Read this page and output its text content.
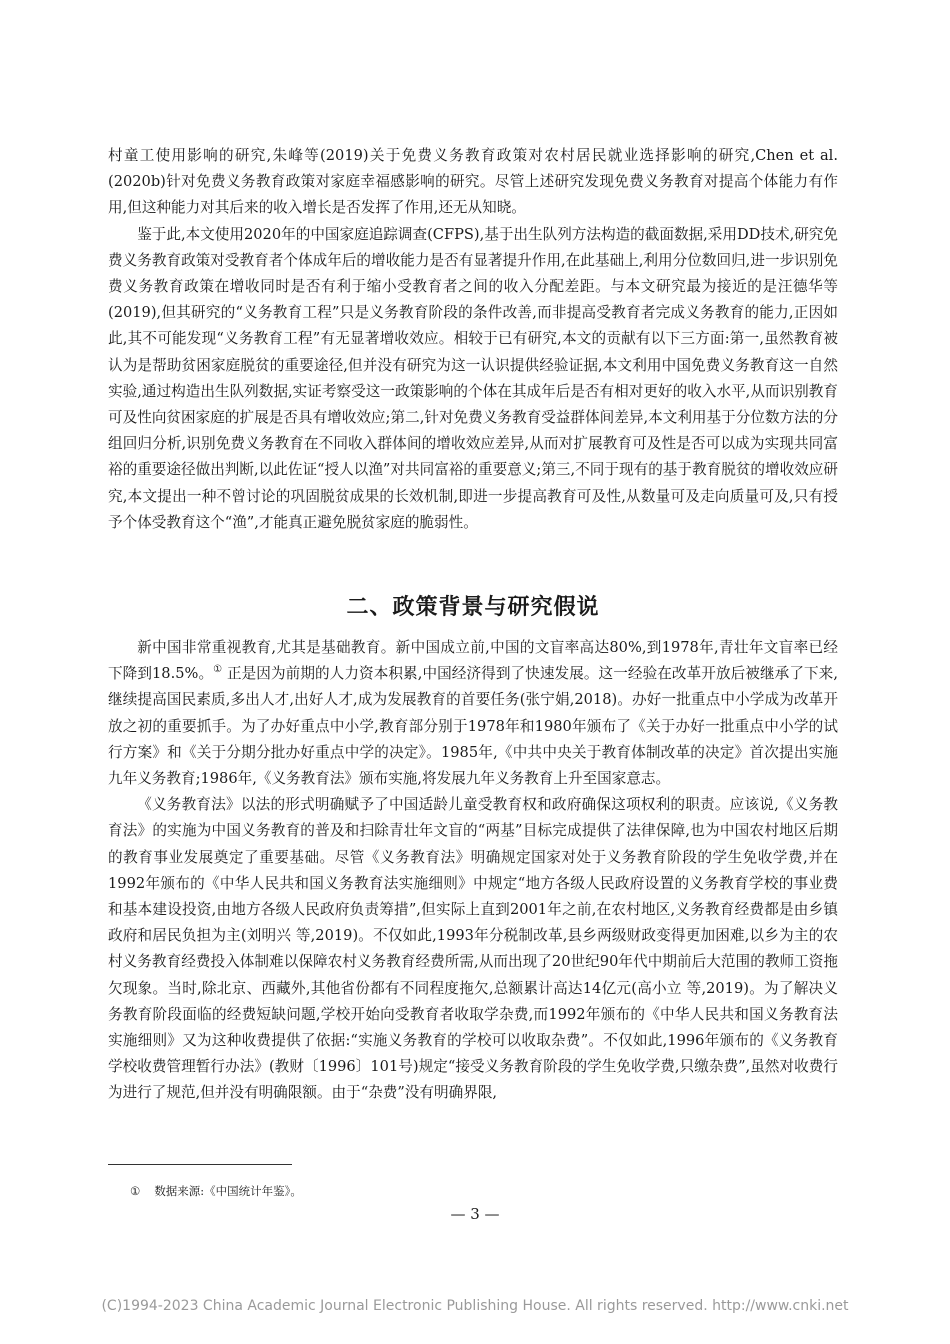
村童工使用影响的研究,朱峰等(2019)关于免费义务教育政策对农村居民就业选择影响的研究,Chen et al.(2020b)针对免费义务教育政策对家庭幸福感影响的研究。尽管上述研究发现免费义务教育对提高个体能力有作用,但这种能力对其后来的收入增长是否发挥了作用,还无从知晓。

鉴于此,本文使用2020年的中国家庭追踪调查(CFPS),基于出生队列方法构造的截面数据,采用DD技术,研究免费义务教育政策对受教育者个体成年后的增收能力是否有显著提升作用,在此基础上,利用分位数回归,进一步识别免费义务教育政策在增收同时是否有利于缩小受教育者之间的收入分配差距。与本文研究最为接近的是汪德华等(2019),但其研究的“义务教育工程”只是义务教育阶段的条件改善,而非提高受教育者完成义务教育的能力,正因如此,其不可能发现“义务教育工程”有无显著增收效应。相较于已有研究,本文的贡献有以下三方面:第一,虽然教育被认为是帮助贫困家庭脱贫的重要途径,但并没有研究为这一认识提供经验证据,本文利用中国免费义务教育这一自然实验,通过构造出生队列数据,实证考察受这一政策影响的个体在其成年后是否有相对更好的收入水平,从而识别教育可及性向贫困家庭的扩展是否具有增收效应;第二,针对免费义务教育受益群体间差异,本文利用基于分位数方法的分组回归分析,识别免费义务教育在不同收入群体间的增收效应差异,从而对扩展教育可及性是否可以成为实现共同富裕的重要途径做出判断,以此佐证“授人以渔”对共同富裕的重要意义;第三,不同于现有的基于教育脱贫的增收效应研究,本文提出一种不曾讨论的巩固脱贫成果的长效机制,即进一步提高教育可及性,从数量可及走向质量可及,只有授予个体受教育这个“渔”,才能真正避免脱贫家庭的脆弱性。

二、政策背景与研究假说

新中国非常重视教育,尤其是基础教育。新中国成立前,中国的文盲率高达80%,到1978年,青壮年文盲率已经下降到18.5%。① 正是因为前期的人力资本积累,中国经济得到了快速发展。这一经验在改革开放后被继承了下来,继续提高国民素质,多出人才,出好人才,成为发展教育的首要任务(张宁娟,2018)。办好一批重点中小学成为改革开放之初的重要抓手。为了办好重点中小学,教育部分别于1978年和1980年颁布了《关于办好一批重点中小学的试行方案》和《关于分期分批办好重点中学的决定》。1985年,《中共中央关于教育体制改革的决定》首次提出实施九年义务教育;1986年,《义务教育法》颁布实施,将发展九年义务教育上升至国家意志。

《义务教育法》以法的形式明确赋予了中国适龄儿童受教育权和政府确保这项权利的职责。应该说,《义务教育法》的实施为中国义务教育的普及和扫除青壮年文盲的“两基”目标完成提供了法律保障,也为中国农村地区后期的教育事业发展奠定了重要基础。尽管《义务教育法》明确规定国家对处于义务教育阶段的学生免收学费,并在1992年颁布的《中华人民共和国义务教育法实施细则》中规定“地方各级人民政府设置的义务教育学校的事业费和基本建设投资,由地方各级人民政府负责筹措”,但实际上直到2001年之前,在农村地区,义务教育经费都是由乡镇政府和居民负担为主(刘明兴 等,2019)。不仅如此,1993年分税制改革,县乡两级财政变得更加困难,以乡为主的农村义务教育经费投入体制难以保障农村义务教育经费所需,从而出现了20世纪90年代中期前后大范围的教师工资拖欠现象。当时,除北京、西藏外,其他省份都有不同程度拖欠,总额累计高达14亿元(高小立 等,2019)。为了解决义务教育阶段面临的经费短缺问题,学校开始向受教育者收取学杂费,而1992年颁布的《中华人民共和国义务教育法实施细则》又为这种收费提供了依据:“实施义务教育的学校可以收取杂费”。不仅如此,1996年颁布的《义务教育学校收费管理暂行办法》(教财〔1996〕101号)规定“接受义务教育阶段的学生免收学费,只缴杂费”,虽然对收费行为进行了规范,但并没有明确限额。由于“杂费”没有明确界限,

① 数据来源:《中国统计年鉴》。

— 3 —

(C)1994-2023 China Academic Journal Electronic Publishing House. All rights reserved. http://www.cnki.net
